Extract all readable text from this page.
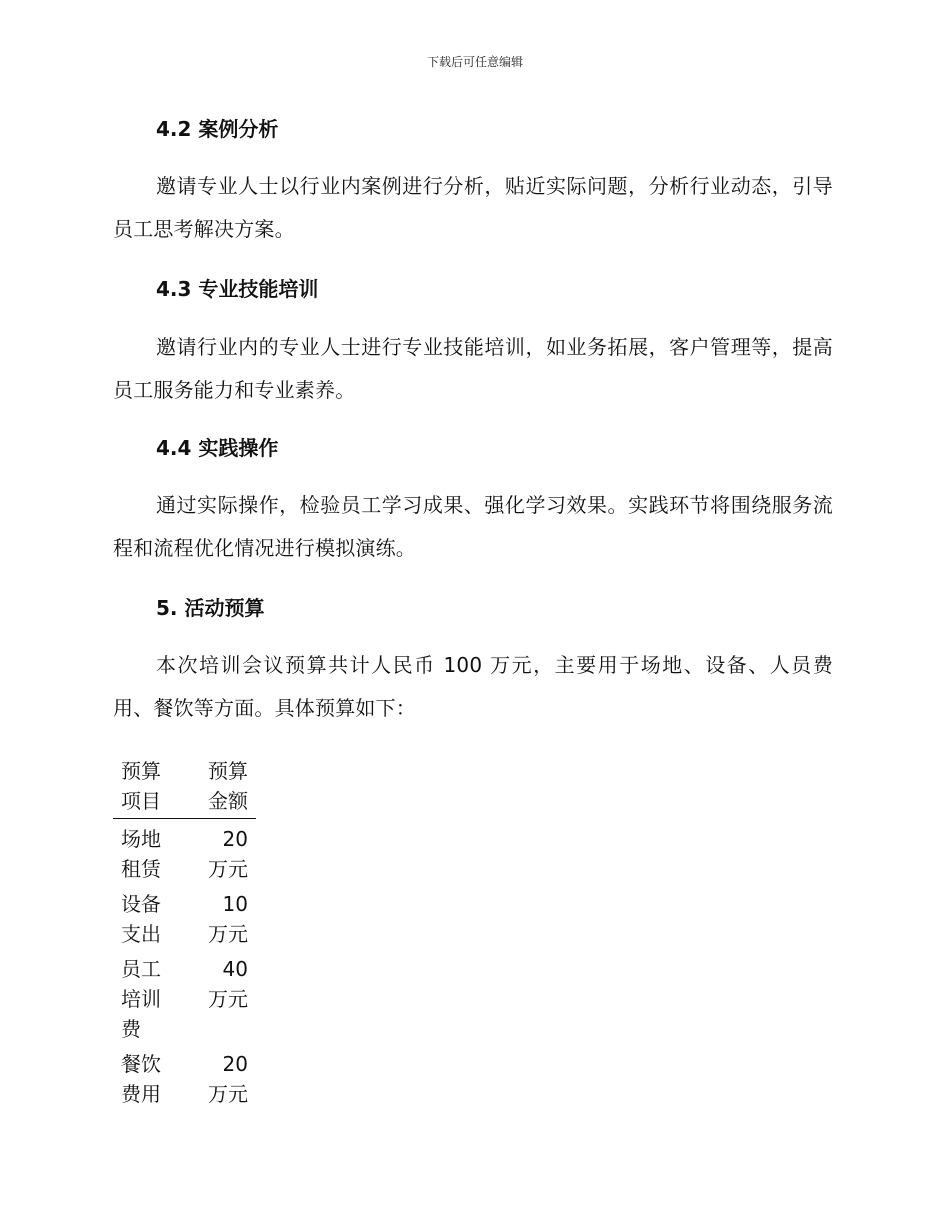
下载后可任意编辑
4.2 案例分析
邀请专业人士以行业内案例进行分析，贴近实际问题，分析行业动态，引导员工思考解决方案。
4.3 专业技能培训
邀请行业内的专业人士进行专业技能培训，如业务拓展，客户管理等，提高员工服务能力和专业素养。
4.4 实践操作
通过实际操作，检验员工学习成果、强化学习效果。实践环节将围绕服务流程和流程优化情况进行模拟演练。
5. 活动预算
本次培训会议预算共计人民币 100 万元，主要用于场地、设备、人员费用、餐饮等方面。具体预算如下：
预算项目	预算金额

场地租赁	20 万元

设备支出	10 万元

员工培训费	40 万元

餐饮费用	20 万元
